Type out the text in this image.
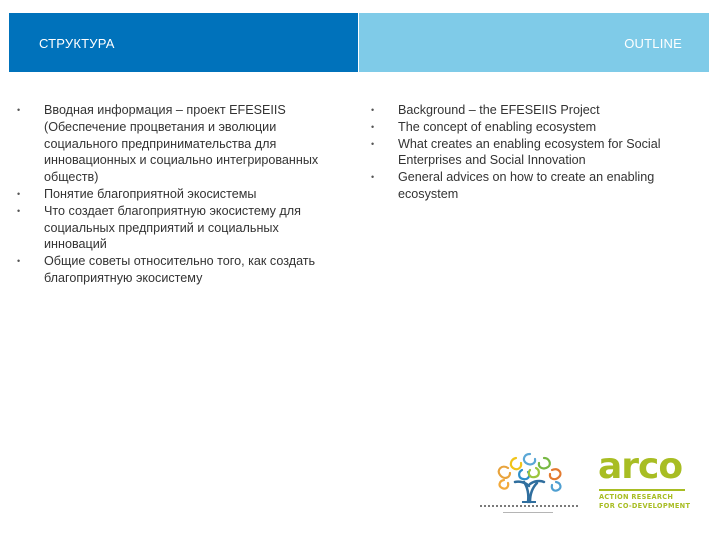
СТРУКТУРА	OUTLINE
• Вводная информация – проект EFESEIIS (Обеспечение процветания и эволюции социального предпринимательства для инновационных и социально интегрированных обществ)
• Понятие благоприятной экосистемы
• Что создает благоприятную экосистему для социальных предприятий и социальных инноваций
• Общие советы относительно того, как создать благоприятную экосистему
• Background – the EFESEIIS Project
• The concept of enabling ecosystem
• What creates an enabling ecosystem for Social Enterprises and Social Innovation
• General advices on how to create an enabling ecosystem
arco
ACTION RESEARCH
FOR CO-DEVELOPMENT
